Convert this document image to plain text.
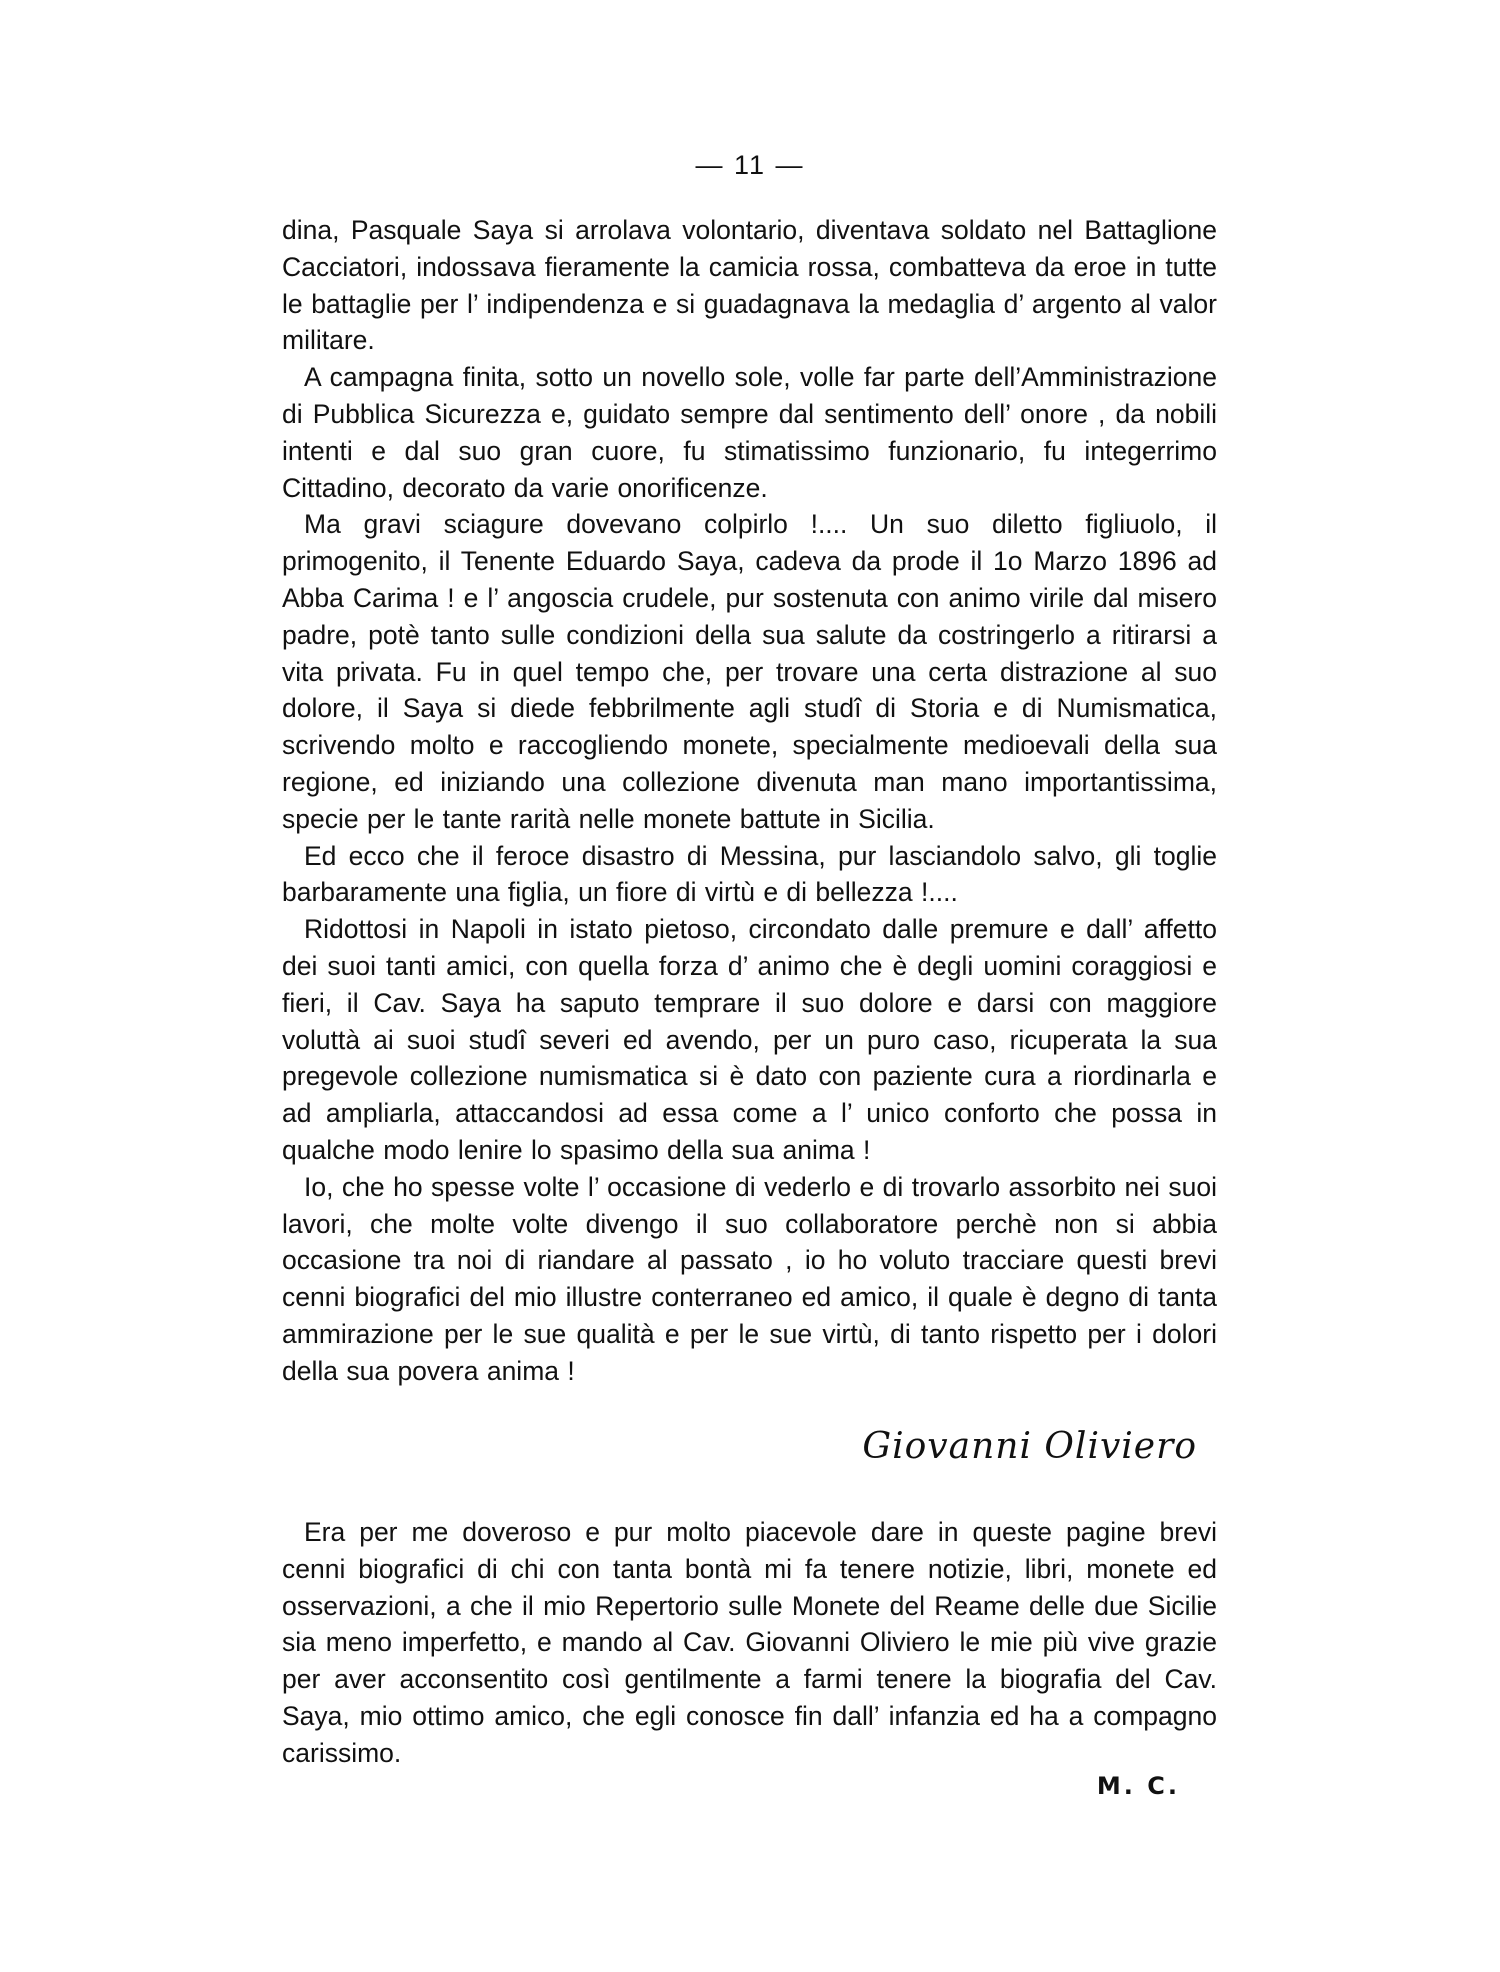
— 11 —

dina, Pasquale Saya si arrolava volontario, diventava soldato nel Battaglione Cacciatori, indossava fieramente la camicia rossa, combatteva da eroe in tutte le battaglie per l’ indipendenza e si guadagnava la medaglia d’ argento al valor militare.

A campagna finita, sotto un novello sole, volle far parte dell’Amministrazione di Pubblica Sicurezza e, guidato sempre dal sentimento dell’ onore , da nobili intenti e dal suo gran cuore, fu stimatissimo funzionario, fu integerrimo Cittadino, decorato da varie onorificenze.

Ma gravi sciagure dovevano colpirlo !.... Un suo diletto figliuolo, il primogenito, il Tenente Eduardo Saya, cadeva da prode il 1o Marzo 1896 ad Abba Carima ! e l’ angoscia crudele, pur sostenuta con animo virile dal misero padre, potè tanto sulle condizioni della sua salute da costringerlo a ritirarsi a vita privata. Fu in quel tempo che, per trovare una certa distrazione al suo dolore, il Saya si diede febbrilmente agli studî di Storia e di Numismatica, scrivendo molto e raccogliendo monete, specialmente medioevali della sua regione, ed iniziando una collezione divenuta man mano importantissima, specie per le tante rarità nelle monete battute in Sicilia.

Ed ecco che il feroce disastro di Messina, pur lasciandolo salvo, gli toglie barbaramente una figlia, un fiore di virtù e di bellezza !....

Ridottosi in Napoli in istato pietoso, circondato dalle premure e dall’ affetto dei suoi tanti amici, con quella forza d’ animo che è degli uomini coraggiosi e fieri, il Cav. Saya ha saputo temprare il suo dolore e darsi con maggiore voluttà ai suoi studî severi ed avendo, per un puro caso, ricuperata la sua pregevole collezione numismatica si è dato con paziente cura a riordinarla e ad ampliarla, attaccandosi ad essa come a l’ unico conforto che possa in qualche modo lenire lo spasimo della sua anima !

Io, che ho spesse volte l’ occasione di vederlo e di trovarlo assorbito nei suoi lavori, che molte volte divengo il suo collaboratore perchè non si abbia occasione tra noi di riandare al passato , io ho voluto tracciare questi brevi cenni biografici del mio illustre conterraneo ed amico, il quale è degno di tanta ammirazione per le sue qualità e per le sue virtù, di tanto rispetto per i dolori della sua povera anima !

Giovanni Oliviero

Era per me doveroso e pur molto piacevole dare in queste pagine brevi cenni biografici di chi con tanta bontà mi fa tenere notizie, libri, monete ed osservazioni, a che il mio Repertorio sulle Monete del Reame delle due Sicilie sia meno imperfetto, e mando al Cav. Giovanni Oliviero le mie più vive grazie per aver acconsentito così gentilmente a farmi tenere la biografia del Cav. Saya, mio ottimo amico, che egli conosce fin dall’ infanzia ed ha a compagno carissimo.

M. C.
